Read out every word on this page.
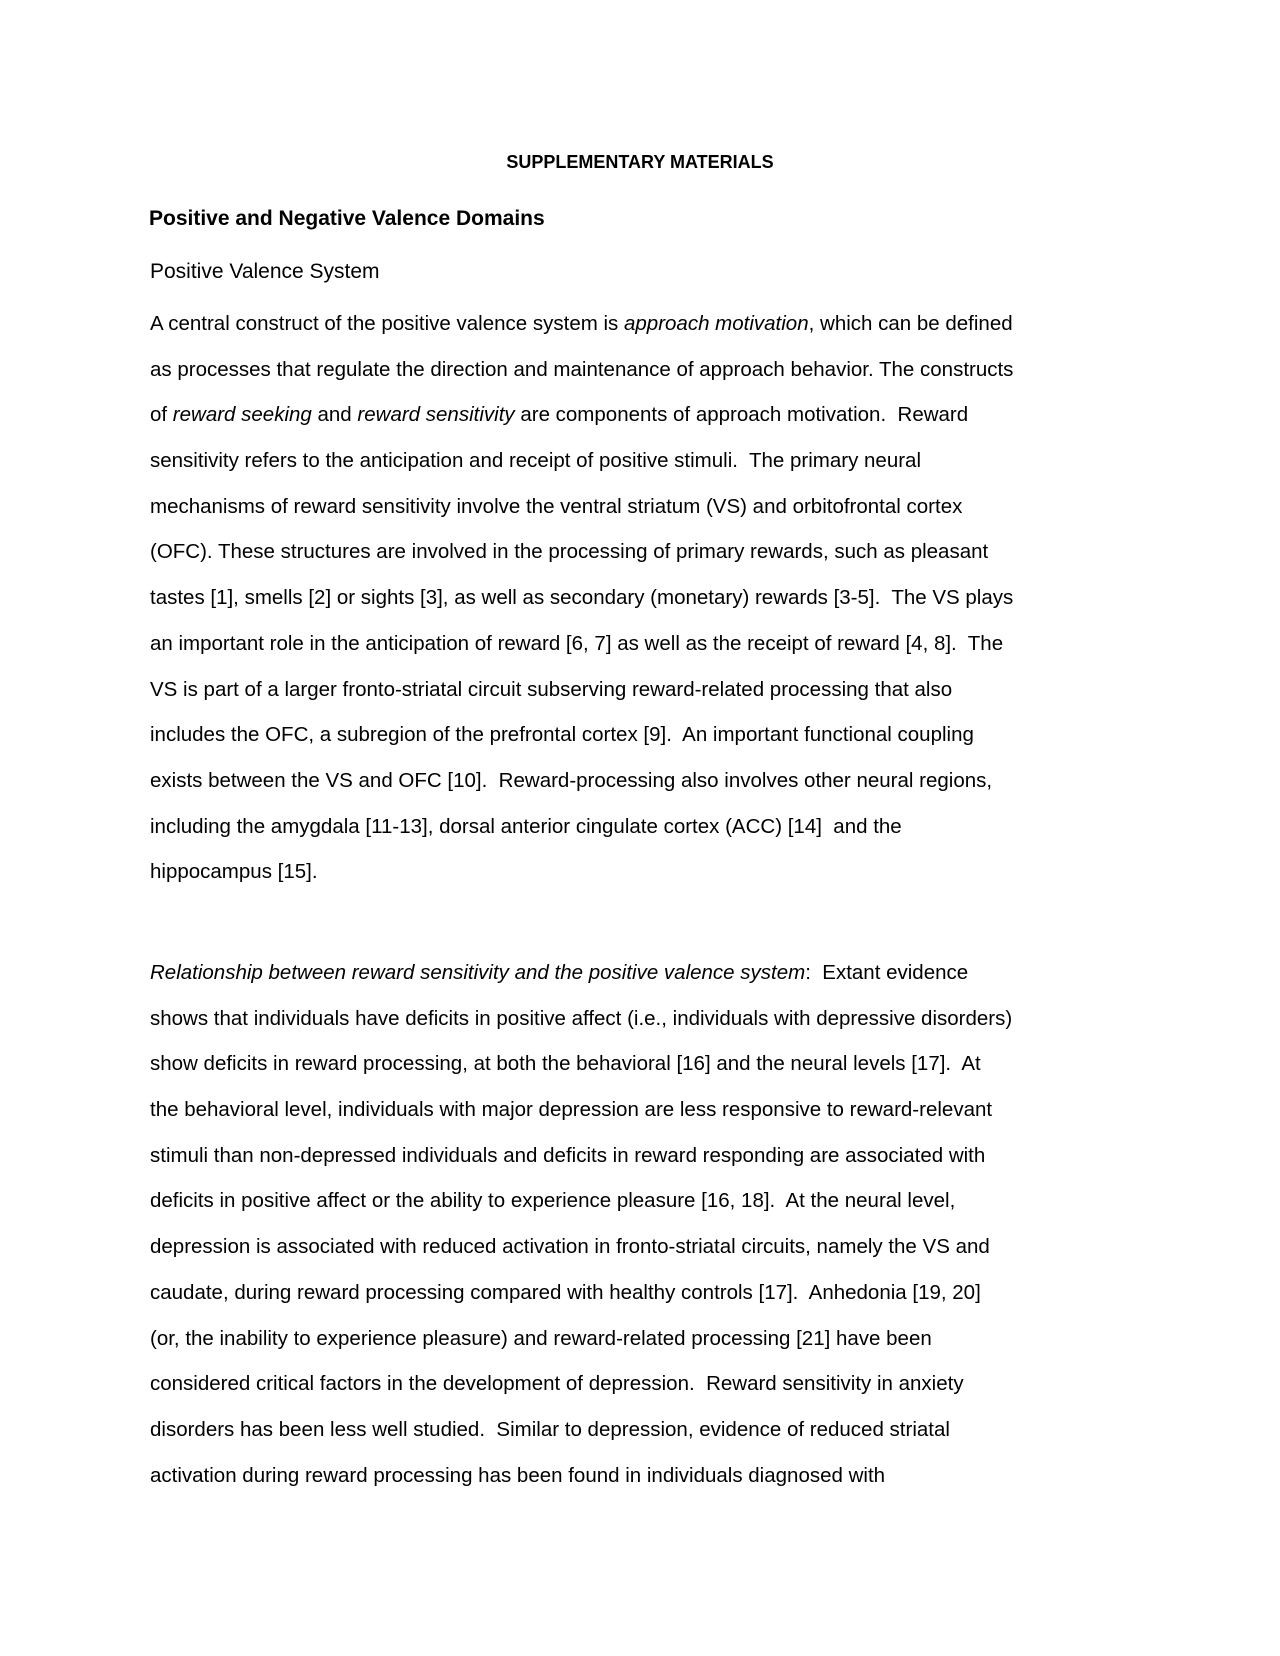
SUPPLEMENTARY MATERIALS
Positive and Negative Valence Domains
Positive Valence System
A central construct of the positive valence system is approach motivation, which can be defined
as processes that regulate the direction and maintenance of approach behavior. The constructs
of reward seeking and reward sensitivity are components of approach motivation.  Reward
sensitivity refers to the anticipation and receipt of positive stimuli.  The primary neural
mechanisms of reward sensitivity involve the ventral striatum (VS) and orbitofrontal cortex
(OFC). These structures are involved in the processing of primary rewards, such as pleasant
tastes [1], smells [2] or sights [3], as well as secondary (monetary) rewards [3-5].  The VS plays
an important role in the anticipation of reward [6, 7] as well as the receipt of reward [4, 8].  The
VS is part of a larger fronto-striatal circuit subserving reward-related processing that also
includes the OFC, a subregion of the prefrontal cortex [9].  An important functional coupling
exists between the VS and OFC [10].  Reward-processing also involves other neural regions,
including the amygdala [11-13], dorsal anterior cingulate cortex (ACC) [14]  and the
hippocampus [15].
Relationship between reward sensitivity and the positive valence system:  Extant evidence
shows that individuals have deficits in positive affect (i.e., individuals with depressive disorders)
show deficits in reward processing, at both the behavioral [16] and the neural levels [17].  At
the behavioral level, individuals with major depression are less responsive to reward-relevant
stimuli than non-depressed individuals and deficits in reward responding are associated with
deficits in positive affect or the ability to experience pleasure [16, 18].  At the neural level,
depression is associated with reduced activation in fronto-striatal circuits, namely the VS and
caudate, during reward processing compared with healthy controls [17].  Anhedonia [19, 20]
(or, the inability to experience pleasure) and reward-related processing [21] have been
considered critical factors in the development of depression.  Reward sensitivity in anxiety
disorders has been less well studied.  Similar to depression, evidence of reduced striatal
activation during reward processing has been found in individuals diagnosed with
